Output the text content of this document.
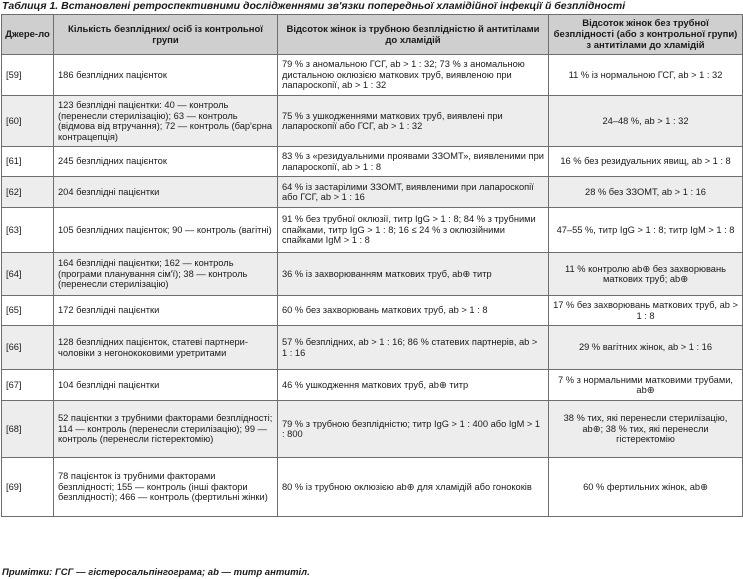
Таблиця 1. Встановлені ретроспективними дослідженнями зв'язки попередньої хламідійної інфекції й безплідності
Джере-ло	Кількість безплідних/ осіб із контрольної групи	Відсоток жінок із трубною безплідністю й антитілами до хламідій	Відсоток жінок без трубної безплідності (або з контрольної групи) з антитілами до хламідій
[59]	186 безплідних пацієнток	79 % з аномальною ГСГ, ab > 1 : 32; 73 % з аномальною дистальною оклюзією маткових труб, виявленою при лапароскопії, ab > 1 : 32	11 % із нормальною ГСГ, ab > 1 : 32
[60]	123 безплідні пацієнтки: 40 — контроль (перенесли стерилізацію); 63 — контроль (відмова від втручання); 72 — контроль (бар'єрна контрацепція)	75 % з ушкодженнями маткових труб, виявлені при лапароскопії або ГСГ, ab > 1 : 32	24–48 %, ab > 1 : 32
[61]	245 безплідних пацієнток	83 % з «резидуальними проявами ЗЗОМТ», виявленими при лапароскопії, ab > 1 : 8	16 % без резидуальних явищ, ab > 1 : 8
[62]	204 безплідні пацієнтки	64 % із застарілими ЗЗОМТ, виявленими при лапароскопії або ГСГ, ab > 1 : 16	28 % без ЗЗОМТ, ab > 1 : 16
[63]	105 безплідних пацієнток; 90 — контроль (вагітні)	91 % без трубної оклюзії, титр IgG > 1 : 8; 84 % з трубними спайками, титр IgG > 1 : 8; 16 ≤ 24 % з оклюзійними спайками IgM > 1 : 8	47–55 %, титр IgG > 1 : 8; титр IgM > 1 : 8
[64]	164 безплідні пацієнтки; 162 — контроль (програми планування сім'ї); 38 — контроль (перенесли стерилізацію)	36 % із захворюванням маткових труб, ab⊕ титр	11 % контролю ab⊕ без захворювань маткових труб; ab⊕
[65]	172 безплідні пацієнтки	60 % без захворювань маткових труб, ab > 1 : 8	17 % без захворювань маткових труб, ab > 1 : 8
[66]	128 безплідних пацієнток, статеві партнери-чоловіки з негонококовими уретритами	57 % безплідних, ab > 1 : 16; 86 % статевих партнерів, ab > 1 : 16	29 % вагітних жінок, ab > 1 : 16
[67]	104 безплідні пацієнтки	46 % ушкодження маткових труб, ab⊕ титр	7 % з нормальними матковими трубами, ab⊕
[68]	52 пацієнтки з трубними факторами безплідності; 114 — контроль (перенесли стерилізацію); 99 — контроль (перенесли гістеректомію)	79 % з трубною безплідністю; титр IgG > 1 : 400 або IgM > 1 : 800	38 % тих, які перенесли стерилізацію, ab⊕; 38 % тих, які перенесли гістеректомію
[69]	78 пацієнток із трубними факторами безплідності; 155 — контроль (інші фактори безплідності); 466 — контроль (фертильні жінки)	80 % із трубною оклюзією ab⊕ для хламідій або гонококів	60 % фертильних жінок, ab⊕
Примітки: ГСГ — гістеросальпінгограма; ab — титр антитіл.
